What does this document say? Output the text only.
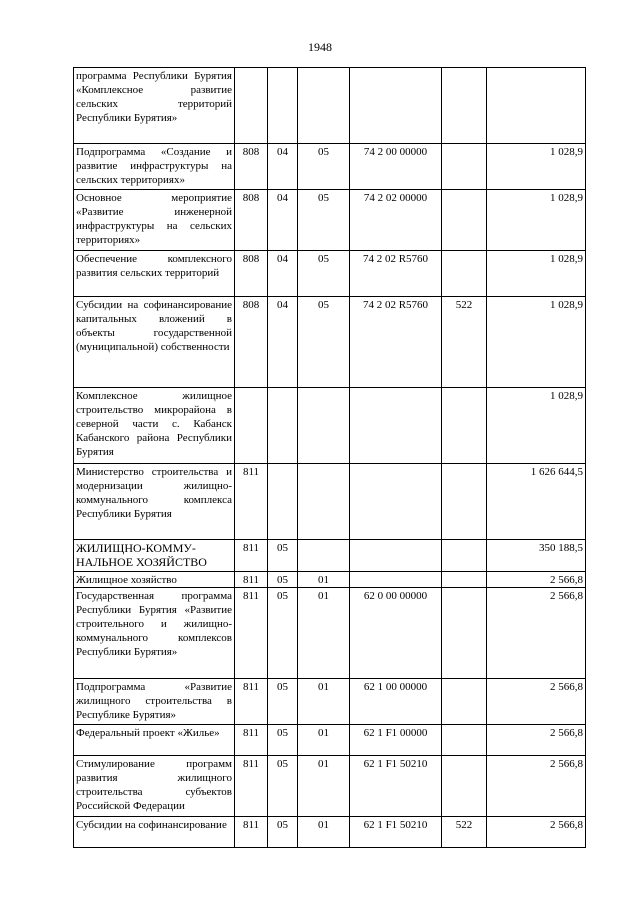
1948
программа Республики Бурятия «Комплексное развитие сельских территорий Республики Бурятия»						
Подпрограмма «Создание и развитие инфраструктуры на сельских территориях»	808	04	05	74 2 00 00000		1 028,9
Основное мероприятие «Развитие инженерной инфраструктуры на сельских территориях»	808	04	05	74 2 02 00000		1 028,9
Обеспечение комплексного развития сельских территорий	808	04	05	74 2 02 R5760		1 028,9
Субсидии на софинансирование капитальных вложений в объекты государственной (муниципальной) собственности	808	04	05	74 2 02 R5760	522	1 028,9
Комплексное жилищное строительство микрорайона в северной части с. Кабанск Кабанского района Республики Бурятия						1 028,9
Министерство строительства и модернизации жилищно-коммунального комплекса Республики Бурятия	811					1 626 644,5
ЖИЛИЩНО-КОММУ-НАЛЬНОЕ ХОЗЯЙСТВО	811	05				350 188,5
Жилищное хозяйство	811	05	01			2 566,8
Государственная программа Республики Бурятия «Развитие строительного и жилищно-коммунального комплексов Республики Бурятия»	811	05	01	62 0 00 00000		2 566,8
Подпрограмма «Развитие жилищного строительства в Республике Бурятия»	811	05	01	62 1 00 00000		2 566,8
Федеральный проект «Жилье»	811	05	01	62 1 F1 00000		2 566,8
Стимулирование программ развития жилищного строительства субъектов Российской Федерации	811	05	01	62 1 F1 50210		2 566,8
Субсидии на софинансирование	811	05	01	62 1 F1 50210	522	2 566,8
